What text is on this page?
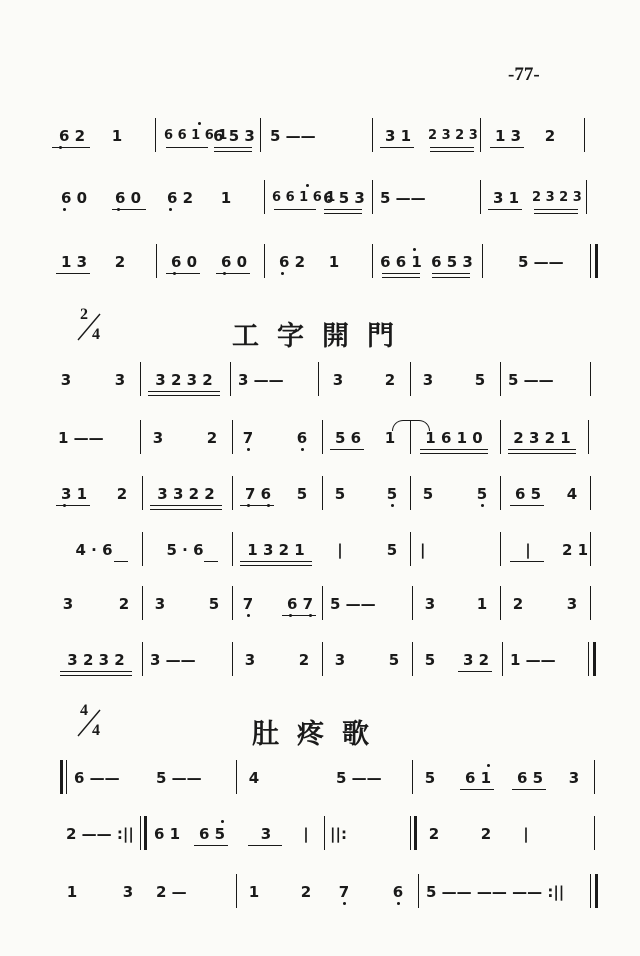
-77-
6 2	1	6 6 1 6 1
6 5 3 5 ——	3 1	2 3 2 3	1 3	2
6 0	6 0	6 2	1	6 6 1 6 1
6 5 3 5 ——	3 1 2 3 2 3
1 3	2	6 0	6 0	6 2	1	6 6 1 6 5 3	5 ——
2
4	工字開門
3	3	3 2 3 2	3 ——	3	2	3	5	5 ——
1 ——	3	2	7	6	5 6	1	1 6 1 0	2 3 2 1
3 1	2	3 3 2 2	7 6	5	5	5	5	5	6 5	4
4 · 6	5 · 6	1 3 2 1	|	5	|	|	2 1
3	2	3	5	7	6 7	5 ——	3	1	2	3
3 2 3 2	3 ——	3	2	3	5	5	3 2	1 ——
4
4	肚疼歌
6 ——	5 ——	4	5 ——	5	6 1	6 5	3
2 —— :|| 6 1	6 5	3	|	||:	2	2	|
1	3	2 —	1	2	7	6	5 —— —— —— :||
